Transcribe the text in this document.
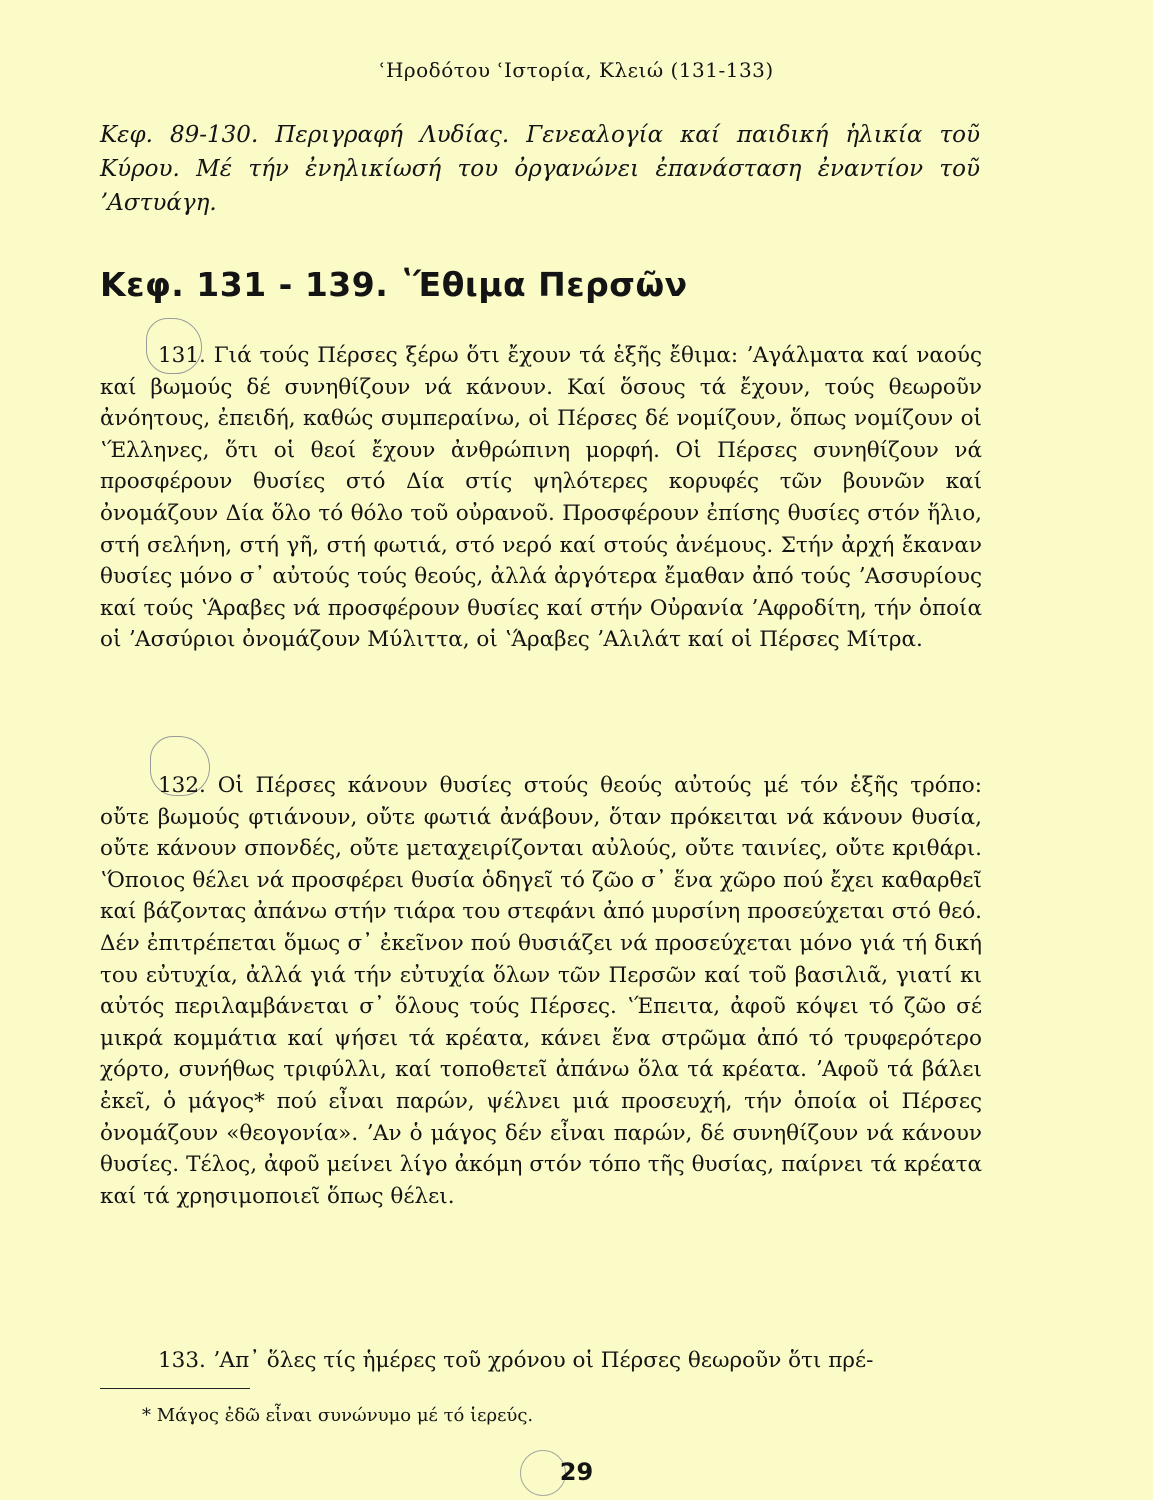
ʿΗροδότου ʿΙστορία, Κλειώ (131-133)
Κεφ. 89-130. Περιγραφή Λυδίας. Γενεαλογία καί παιδική ἡλικία τοῦ Κύρου. Μέ τήν ἐνηλικίωσή του ὀργανώνει ἐπανάσταση ἐναντίον τοῦ ʼΑστυάγη.
Κεφ. 131 - 139. ʽΈθιμα Περσῶν
131. Γιά τούς Πέρσες ξέρω ὅτι ἔχουν τά ἑξῆς ἔθιμα: ʼΑγάλματα καί ναούς καί βωμούς δέ συνηθίζουν νά κάνουν. Καί ὅσους τά ἔχουν, τούς θεωροῦν ἀνόητους, ἐπειδή, καθώς συμπεραίνω, οἱ Πέρσες δέ νομίζουν, ὅπως νομίζουν οἱ ʽΈλληνες, ὅτι οἱ θεοί ἔχουν ἀνθρώπινη μορφή. Οἱ Πέρσες συνηθίζουν νά προσφέρουν θυσίες στό Δία στίς ψηλότερες κορυφές τῶν βουνῶν καί ὀνομάζουν Δία ὅλο τό θόλο τοῦ οὐρανοῦ. Προσφέρουν ἐπίσης θυσίες στόν ἥλιο, στή σελήνη, στή γῆ, στή φωτιά, στό νερό καί στούς ἀνέμους. Στήν ἀρχή ἔκαναν θυσίες μόνο σ᾽ αὐτούς τούς θεούς, ἀλλά ἀργότερα ἔμαθαν ἀπό τούς ʼΑσσυρίους καί τούς ʽΆραβες νά προσφέρουν θυσίες καί στήν Οὐρανία ʼΑφροδίτη, τήν ὁποία οἱ ʼΑσσύριοι ὀνομάζουν Μύλιττα, οἱ ʽΆραβες ʼΑλιλάτ καί οἱ Πέρσες Μίτρα.
132. Οἱ Πέρσες κάνουν θυσίες στούς θεούς αὐτούς μέ τόν ἑξῆς τρόπο: οὔτε βωμούς φτιάνουν, οὔτε φωτιά ἀνάβουν, ὅταν πρόκειται νά κάνουν θυσία, οὔτε κάνουν σπονδές, οὔτε μεταχειρίζονται αὐλούς, οὔτε ταινίες, οὔτε κριθάρι. ʽΌποιος θέλει νά προσφέρει θυσία ὁδηγεῖ τό ζῶο σ᾽ ἕνα χῶρο πού ἔχει καθαρθεῖ καί βάζοντας ἀπάνω στήν τιάρα του στεφάνι ἀπό μυρσίνη προσεύχεται στό θεό. Δέν ἐπιτρέπεται ὅμως σ᾽ ἐκεῖνον πού θυσιάζει νά προσεύχεται μόνο γιά τή δική του εὐτυχία, ἀλλά γιά τήν εὐτυχία ὅλων τῶν Περσῶν καί τοῦ βασιλιᾶ, γιατί κι αὐτός περιλαμβάνεται σ᾽ ὅλους τούς Πέρσες. ʽΈπειτα, ἀφοῦ κόψει τό ζῶο σέ μικρά κομμάτια καί ψήσει τά κρέατα, κάνει ἕνα στρῶμα ἀπό τό τρυφερότερο χόρτο, συνήθως τριφύλλι, καί τοποθετεῖ ἀπάνω ὅλα τά κρέατα. ʼΑφοῦ τά βάλει ἐκεῖ, ὁ μάγος* πού εἶναι παρών, ψέλνει μιά προσευχή, τήν ὁποία οἱ Πέρσες ὀνομάζουν «θεογονία». ʼΑν ὁ μάγος δέν εἶναι παρών, δέ συνηθίζουν νά κάνουν θυσίες. Τέλος, ἀφοῦ μείνει λίγο ἀκόμη στόν τόπο τῆς θυσίας, παίρνει τά κρέατα καί τά χρησιμοποιεῖ ὅπως θέλει.
133. ʼΑπ᾽ ὅλες τίς ἡμέρες τοῦ χρόνου οἱ Πέρσες θεωροῦν ὅτι πρέ-
* Μάγος ἐδῶ εἶναι συνώνυμο μέ τό ἱερεύς.
29
